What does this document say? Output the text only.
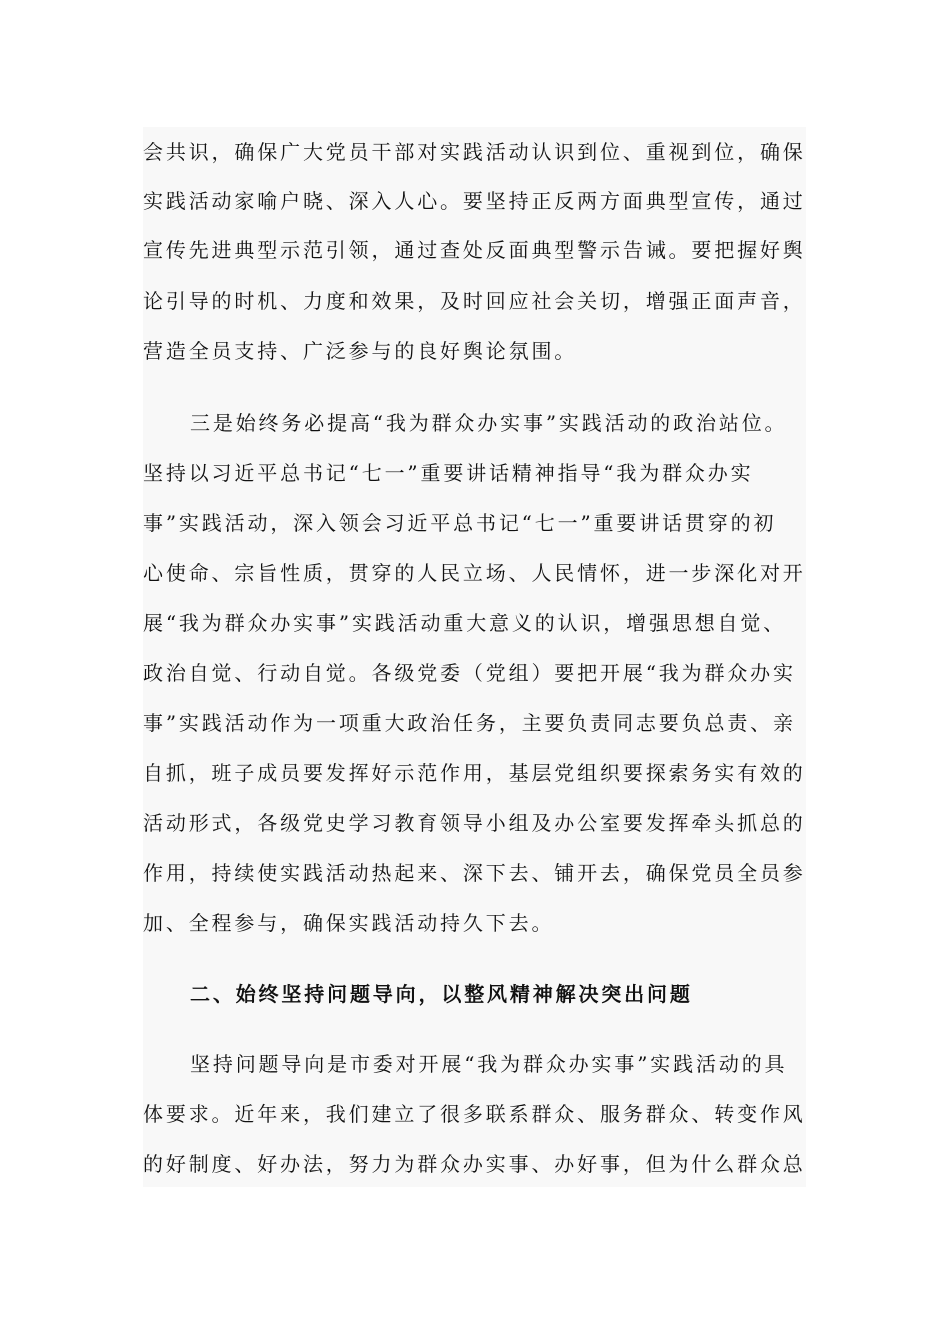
会共识，确保广大党员干部对实践活动认识到位、重视到位，确保
实践活动家喻户晓、深入人心。要坚持正反两方面典型宣传，通过
宣传先进典型示范引领，通过查处反面典型警示告诫。要把握好舆
论引导的时机、力度和效果，及时回应社会关切，增强正面声音，
营造全员支持、广泛参与的良好舆论氛围。
三是始终务必提高“我为群众办实事”实践活动的政治站位。
坚持以习近平总书记“七一”重要讲话精神指导“我为群众办实
事”实践活动，深入领会习近平总书记“七一”重要讲话贯穿的初
心使命、宗旨性质，贯穿的人民立场、人民情怀，进一步深化对开
展“我为群众办实事”实践活动重大意义的认识，增强思想自觉、
政治自觉、行动自觉。各级党委（党组）要把开展“我为群众办实
事”实践活动作为一项重大政治任务，主要负责同志要负总责、亲
自抓，班子成员要发挥好示范作用，基层党组织要探索务实有效的
活动形式，各级党史学习教育领导小组及办公室要发挥牵头抓总的
作用，持续使实践活动热起来、深下去、铺开去，确保党员全员参
加、全程参与，确保实践活动持久下去。
二、始终坚持问题导向，以整风精神解决突出问题
坚持问题导向是市委对开展“我为群众办实事”实践活动的具
体要求。近年来，我们建立了很多联系群众、服务群众、转变作风
的好制度、好办法，努力为群众办实事、办好事，但为什么群众总
